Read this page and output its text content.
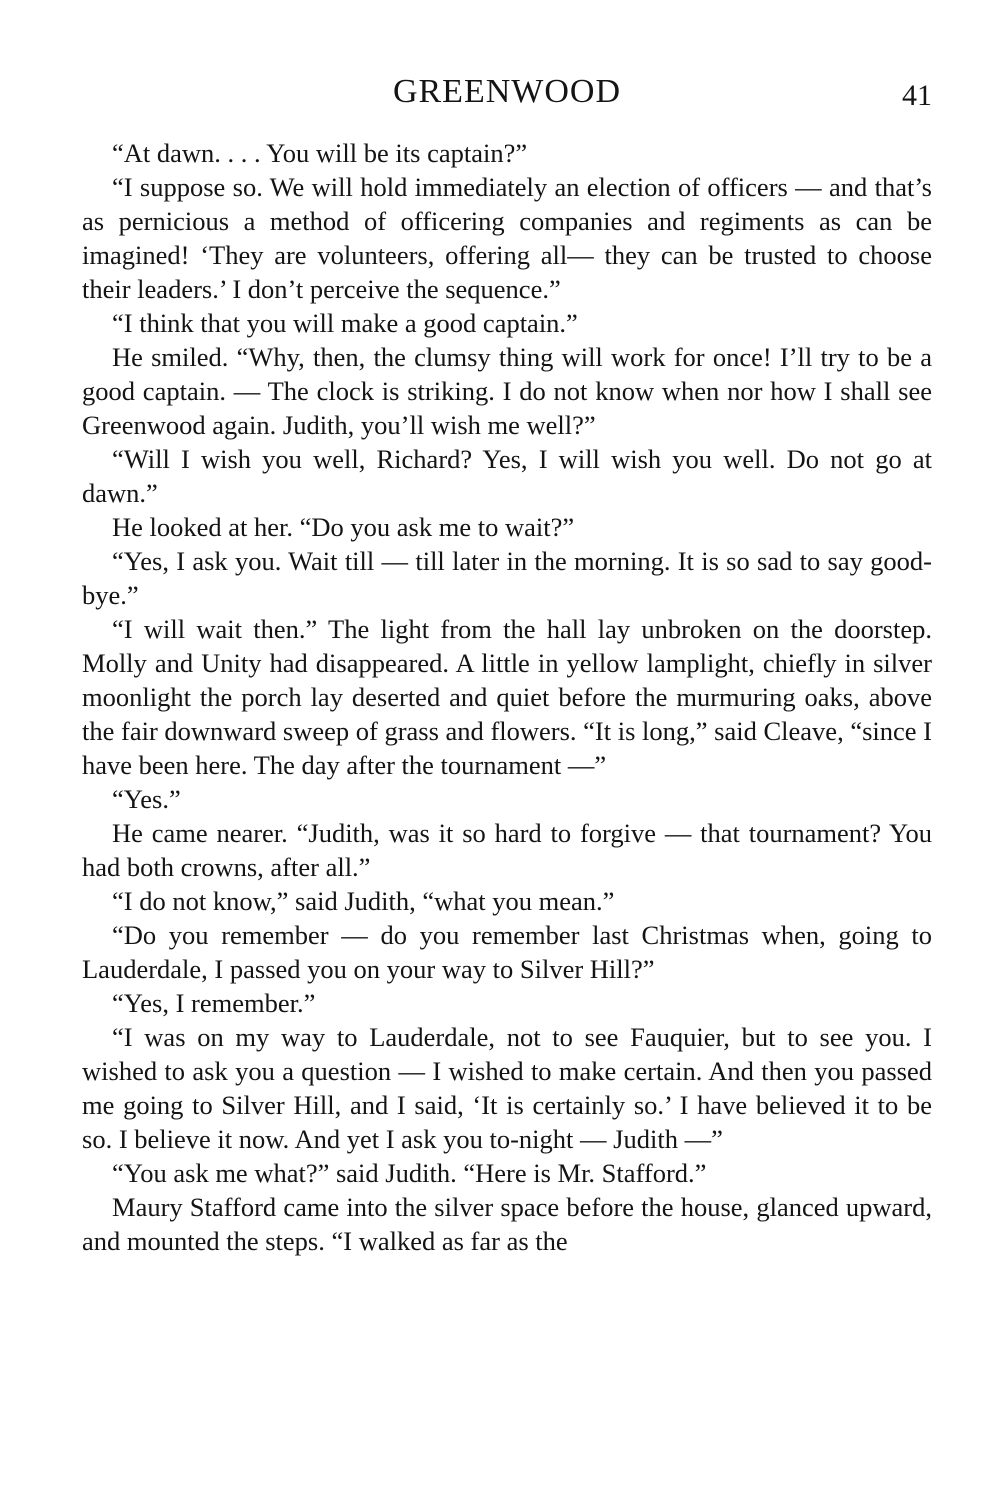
GREENWOOD	41

“At dawn. . . . You will be its captain?”

“I suppose so. We will hold immediately an election of officers — and that’s as pernicious a method of officering companies and regiments as can be imagined! ‘They are volunteers, offering all— they can be trusted to choose their leaders.’ I don’t perceive the sequence.”

“I think that you will make a good captain.”

He smiled. “Why, then, the clumsy thing will work for once! I’ll try to be a good captain. — The clock is striking. I do not know when nor how I shall see Greenwood again. Judith, you’ll wish me well?”

“Will I wish you well, Richard? Yes, I will wish you well. Do not go at dawn.”

He looked at her. “Do you ask me to wait?”

“Yes, I ask you. Wait till — till later in the morning. It is so sad to say good-bye.”

“I will wait then.” The light from the hall lay unbroken on the doorstep. Molly and Unity had disappeared. A little in yellow lamplight, chiefly in silver moonlight the porch lay deserted and quiet before the murmuring oaks, above the fair downward sweep of grass and flowers. “It is long,” said Cleave, “since I have been here. The day after the tournament —”

“Yes.”

He came nearer. “Judith, was it so hard to forgive — that tournament? You had both crowns, after all.”

“I do not know,” said Judith, “what you mean.”

“Do you remember — do you remember last Christmas when, going to Lauderdale, I passed you on your way to Silver Hill?”

“Yes, I remember.”

“I was on my way to Lauderdale, not to see Fauquier, but to see you. I wished to ask you a question — I wished to make certain. And then you passed me going to Silver Hill, and I said, ‘It is certainly so.’ I have believed it to be so. I believe it now. And yet I ask you to-night — Judith —”

“You ask me what?” said Judith. “Here is Mr. Stafford.”

Maury Stafford came into the silver space before the house, glanced upward, and mounted the steps. “I walked as far as the
